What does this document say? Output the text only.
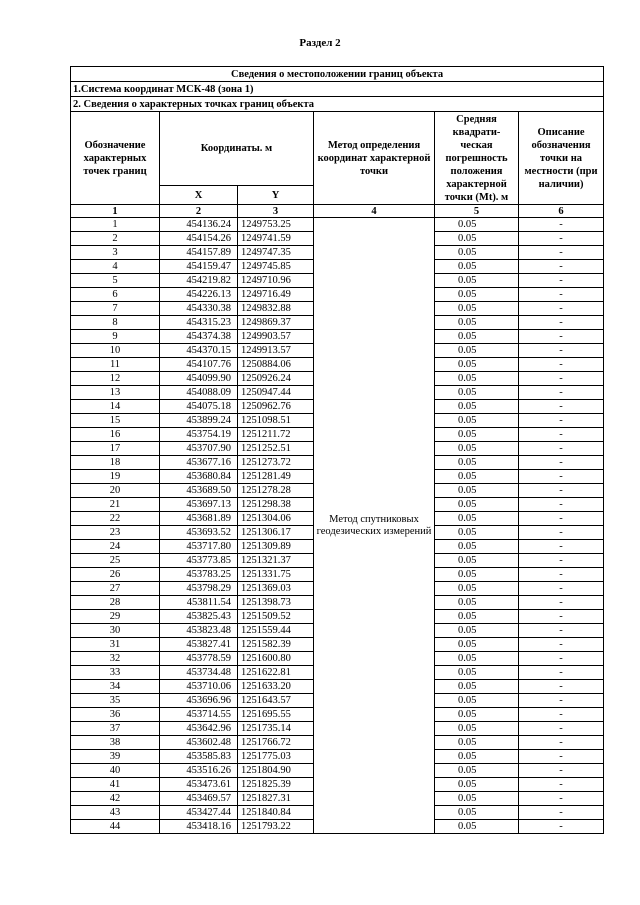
Раздел 2
Сведения о местоположении границ объекта					
1.Система координат МСК-48 (зона 1)					
2. Сведения о характерных точках границ объекта					
Обозначение характерных точек границ	Координаты. м		Метод определения координат характерной точки	Средняя квадрати-ческая погрешность положения характерной точки (Mt). м	Описание обозначения точки на местности (при наличии)
	X	Y			
1	2	3	4	5	6
1	454136.24	1249753.25	Метод спутниковых геодезических измерений	0.05	-
2	454154.26	1249741.59		0.05	-
3	454157.89	1249747.35		0.05	-
4	454159.47	1249745.85		0.05	-
5	454219.82	1249710.96		0.05	-
6	454226.13	1249716.49		0.05	-
7	454330.38	1249832.88		0.05	-
8	454315.23	1249869.37		0.05	-
9	454374.38	1249903.57		0.05	-
10	454370.15	1249913.57		0.05	-
11	454107.76	1250884.06		0.05	-
12	454099.90	1250926.24		0.05	-
13	454088.09	1250947.44		0.05	-
14	454075.18	1250962.76		0.05	-
15	453899.24	1251098.51		0.05	-
16	453754.19	1251211.72		0.05	-
17	453707.90	1251252.51		0.05	-
18	453677.16	1251273.72		0.05	-
19	453680.84	1251281.49		0.05	-
20	453689.50	1251278.28		0.05	-
21	453697.13	1251298.38		0.05	-
22	453681.89	1251304.06		0.05	-
23	453693.52	1251306.17		0.05	-
24	453717.80	1251309.89		0.05	-
25	453773.85	1251321.37		0.05	-
26	453783.25	1251331.75		0.05	-
27	453798.29	1251369.03		0.05	-
28	453811.54	1251398.73		0.05	-
29	453825.43	1251509.52		0.05	-
30	453823.48	1251559.44		0.05	-
31	453827.41	1251582.39		0.05	-
32	453778.59	1251600.80		0.05	-
33	453734.48	1251622.81		0.05	-
34	453710.06	1251633.20		0.05	-
35	453696.96	1251643.57		0.05	-
36	453714.55	1251695.55		0.05	-
37	453642.96	1251735.14		0.05	-
38	453602.48	1251766.72		0.05	-
39	453585.83	1251775.03		0.05	-
40	453516.26	1251804.90		0.05	-
41	453473.61	1251825.39		0.05	-
42	453469.57	1251827.31		0.05	-
43	453427.44	1251840.84		0.05	-
44	453418.16	1251793.22		0.05	-
